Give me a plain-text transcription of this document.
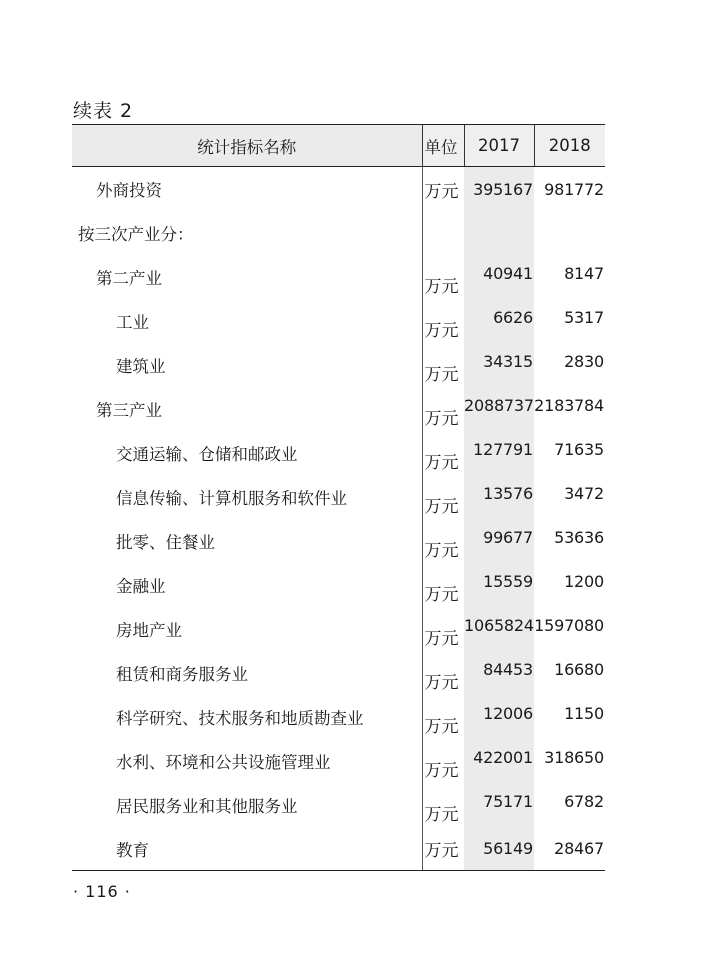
续表 2
统计指标名称	单位	2017	2018
外商投资	万元	395167	981772
按三次产业分：			
第二产业	万元	40941	8147
工业	万元	6626	5317
建筑业	万元	34315	2830
第三产业	万元	2088737	2183784
交通运输、仓储和邮政业	万元	127791	71635
信息传输、计算机服务和软件业	万元	13576	3472
批零、住餐业	万元	99677	53636
金融业	万元	15559	1200
房地产业	万元	1065824	1597080
租赁和商务服务业	万元	84453	16680
科学研究、技术服务和地质勘查业	万元	12006	1150
水利、环境和公共设施管理业	万元	422001	318650
居民服务业和其他服务业	万元	75171	6782
教育	万元	56149	28467
· 116 ·
